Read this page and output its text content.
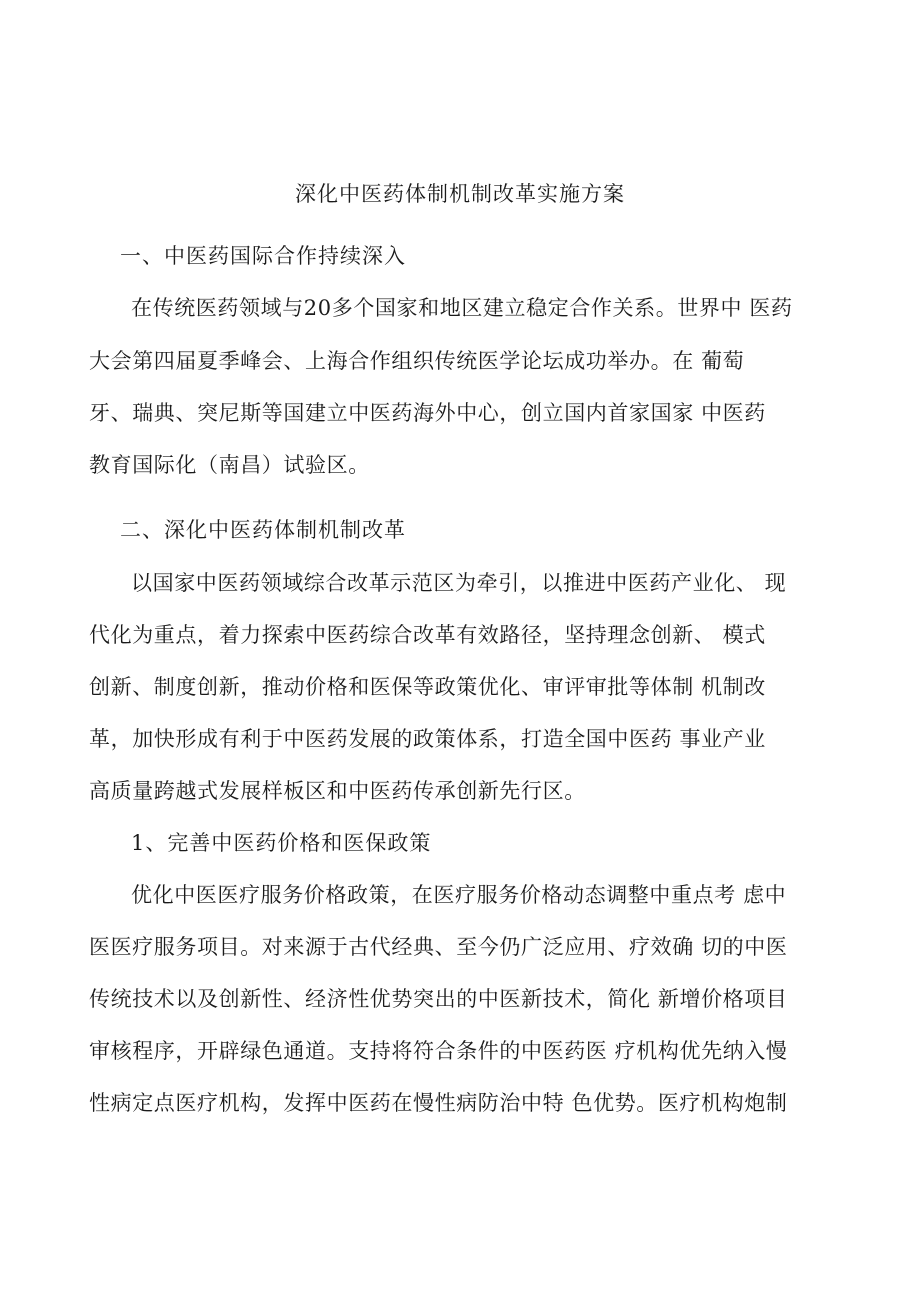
深化中医药体制机制改革实施方案
一、中医药国际合作持续深入
在传统医药领域与20多个国家和地区建立稳定合作关系。世界中 医药
大会第四届夏季峰会、上海合作组织传统医学论坛成功举办。在 葡萄
牙、瑞典、突尼斯等国建立中医药海外中心，创立国内首家国家 中医药
教育国际化（南昌）试验区。
二、深化中医药体制机制改革
以国家中医药领域综合改革示范区为牵引，以推进中医药产业化、 现
代化为重点，着力探索中医药综合改革有效路径，坚持理念创新、 模式
创新、制度创新，推动价格和医保等政策优化、审评审批等体制 机制改
革，加快形成有利于中医药发展的政策体系，打造全国中医药 事业产业
高质量跨越式发展样板区和中医药传承创新先行区。
1、完善中医药价格和医保政策
优化中医医疗服务价格政策，在医疗服务价格动态调整中重点考 虑中
医医疗服务项目。对来源于古代经典、至今仍广泛应用、疗效确 切的中医
传统技术以及创新性、经济性优势突出的中医新技术，简化 新增价格项目
审核程序，开辟绿色通道。支持将符合条件的中医药医 疗机构优先纳入慢
性病定点医疗机构，发挥中医药在慢性病防治中特 色优势。医疗机构炮制
